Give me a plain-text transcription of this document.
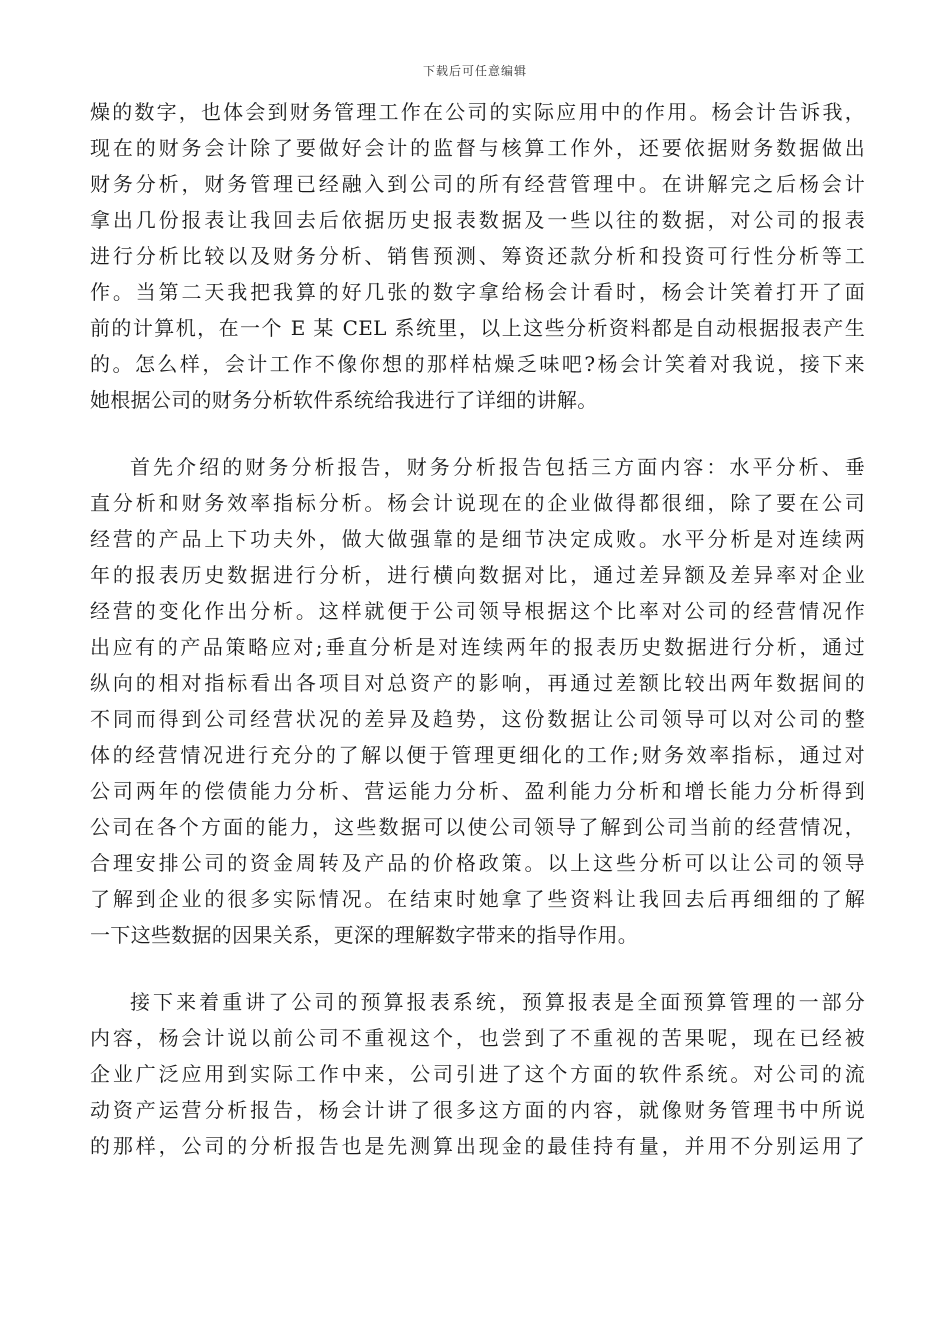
下载后可任意编辑
燥的数字，也体会到财务管理工作在公司的实际应用中的作用。杨会计告诉我，
现在的财务会计除了要做好会计的监督与核算工作外，还要依据财务数据做出
财务分析，财务管理已经融入到公司的所有经营管理中。在讲解完之后杨会计
拿出几份报表让我回去后依据历史报表数据及一些以往的数据，对公司的报表
进行分析比较以及财务分析、销售预测、筹资还款分析和投资可行性分析等工
作。当第二天我把我算的好几张的数字拿给杨会计看时，杨会计笑着打开了面
前的计算机，在一个 E 某 CEL 系统里，以上这些分析资料都是自动根据报表产生
的。怎么样，会计工作不像你想的那样枯燥乏味吧?杨会计笑着对我说，接下来
她根据公司的财务分析软件系统给我进行了详细的讲解。
首先介绍的财务分析报告，财务分析报告包括三方面内容：水平分析、垂
直分析和财务效率指标分析。杨会计说现在的企业做得都很细，除了要在公司
经营的产品上下功夫外，做大做强靠的是细节决定成败。水平分析是对连续两
年的报表历史数据进行分析，进行横向数据对比，通过差异额及差异率对企业
经营的变化作出分析。这样就便于公司领导根据这个比率对公司的经营情况作
出应有的产品策略应对;垂直分析是对连续两年的报表历史数据进行分析，通过
纵向的相对指标看出各项目对总资产的影响，再通过差额比较出两年数据间的
不同而得到公司经营状况的差异及趋势，这份数据让公司领导可以对公司的整
体的经营情况进行充分的了解以便于管理更细化的工作;财务效率指标，通过对
公司两年的偿债能力分析、营运能力分析、盈利能力分析和增长能力分析得到
公司在各个方面的能力，这些数据可以使公司领导了解到公司当前的经营情况，
合理安排公司的资金周转及产品的价格政策。以上这些分析可以让公司的领导
了解到企业的很多实际情况。在结束时她拿了些资料让我回去后再细细的了解
一下这些数据的因果关系，更深的理解数字带来的指导作用。
接下来着重讲了公司的预算报表系统，预算报表是全面预算管理的一部分
内容，杨会计说以前公司不重视这个，也尝到了不重视的苦果呢，现在已经被
企业广泛应用到实际工作中来，公司引进了这个方面的软件系统。对公司的流
动资产运营分析报告，杨会计讲了很多这方面的内容，就像财务管理书中所说
的那样，公司的分析报告也是先测算出现金的最佳持有量，并用不分别运用了
